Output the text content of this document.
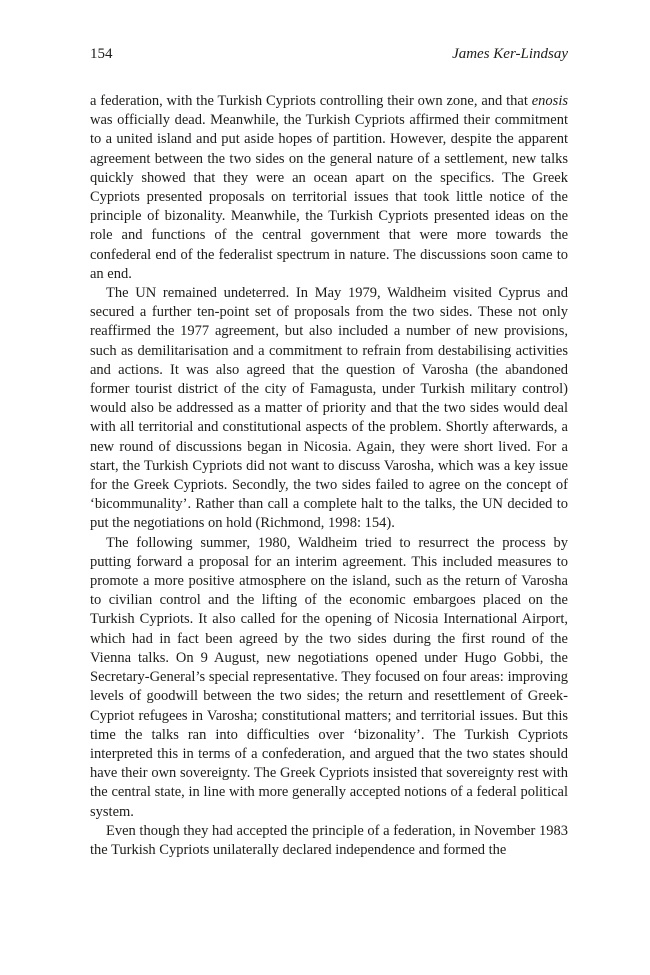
154	James Ker-Lindsay

a federation, with the Turkish Cypriots controlling their own zone, and that enosis was officially dead. Meanwhile, the Turkish Cypriots affirmed their commitment to a united island and put aside hopes of partition. However, despite the apparent agreement between the two sides on the general nature of a settlement, new talks quickly showed that they were an ocean apart on the specifics. The Greek Cypriots presented proposals on territorial issues that took little notice of the principle of bizonality. Meanwhile, the Turkish Cypriots presented ideas on the role and functions of the central government that were more towards the confederal end of the federalist spectrum in nature. The discussions soon came to an end.

The UN remained undeterred. In May 1979, Waldheim visited Cyprus and secured a further ten-point set of proposals from the two sides. These not only reaffirmed the 1977 agreement, but also included a number of new provisions, such as demilitarisation and a commitment to refrain from destabilising activities and actions. It was also agreed that the question of Varosha (the abandoned former tourist district of the city of Famagusta, under Turkish military control) would also be addressed as a matter of priority and that the two sides would deal with all territorial and constitutional aspects of the problem. Shortly afterwards, a new round of discussions began in Nicosia. Again, they were short lived. For a start, the Turkish Cypriots did not want to discuss Varosha, which was a key issue for the Greek Cypriots. Secondly, the two sides failed to agree on the concept of ‘bicommunality’. Rather than call a complete halt to the talks, the UN decided to put the negotiations on hold (Richmond, 1998: 154).

The following summer, 1980, Waldheim tried to resurrect the process by putting forward a proposal for an interim agreement. This included measures to promote a more positive atmosphere on the island, such as the return of Varosha to civilian control and the lifting of the economic embargoes placed on the Turkish Cypriots. It also called for the opening of Nicosia International Airport, which had in fact been agreed by the two sides during the first round of the Vienna talks. On 9 August, new negotiations opened under Hugo Gobbi, the Secretary-General’s special representative. They focused on four areas: improving levels of goodwill between the two sides; the return and resettlement of Greek-Cypriot refugees in Varosha; constitutional matters; and territorial issues. But this time the talks ran into difficulties over ‘bizonality’. The Turkish Cypriots interpreted this in terms of a confederation, and argued that the two states should have their own sovereignty. The Greek Cypriots insisted that sovereignty rest with the central state, in line with more generally accepted notions of a federal political system.

Even though they had accepted the principle of a federation, in November 1983 the Turkish Cypriots unilaterally declared independence and formed the
